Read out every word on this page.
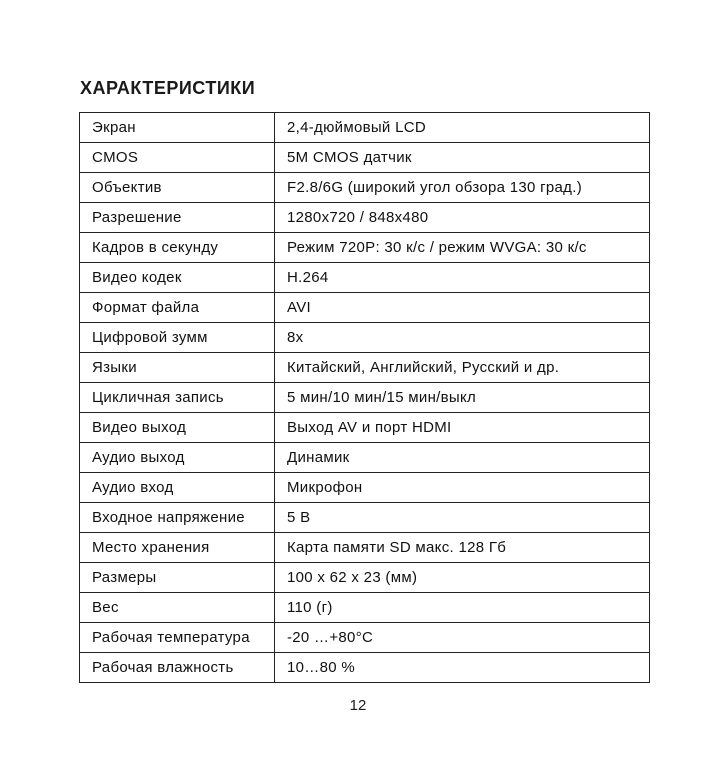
ХАРАКТЕРИСТИКИ
Экран	2,4-дюймовый LCD
CMOS	5M CMOS датчик
Объектив	F2.8/6G (широкий угол обзора 130 град.)
Разрешение	1280x720 / 848x480
Кадров в секунду	Режим 720P: 30 к/с / режим WVGA: 30 к/с
Видео кодек	H.264
Формат файла	AVI
Цифровой зумм	8x
Языки	Китайский, Английский, Русский и др.
Цикличная запись	5 мин/10 мин/15 мин/выкл
Видео выход	Выход AV и порт HDMI
Аудио выход	Динамик
Аудио вход	Микрофон
Входное напряжение	5 В
Место хранения	Карта памяти SD макс. 128 Гб
Размеры	100 x 62 x 23 (мм)
Вес	110 (г)
Рабочая температура	-20 …+80°C
Рабочая влажность	10…80 %
12
